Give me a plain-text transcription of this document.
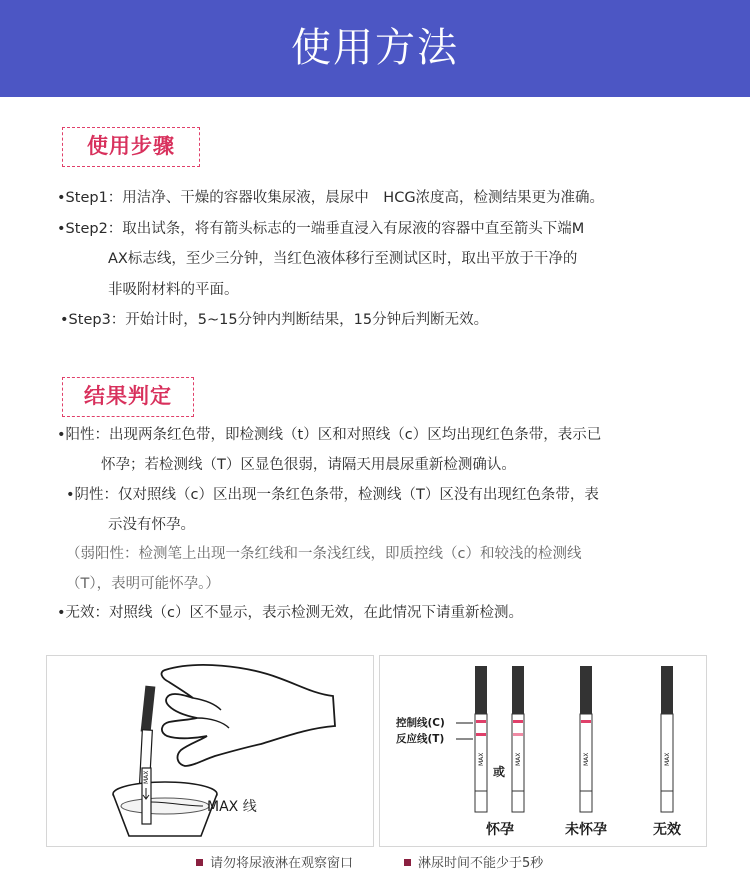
使用方法
使用步骤
•Step1：用洁净、干燥的容器收集尿液，晨尿中　HCG浓度高，检测结果更为准确。
•Step2：取出试条，将有箭头标志的一端垂直浸入有尿液的容器中直至箭头下端M
AX标志线，至少三分钟，当红色液体移行至测试区时，取出平放于干净的
非吸附材料的平面。
•Step3：开始计时，5~15分钟内判断结果，15分钟后判断无效。
结果判定
•阳性：出现两条红色带，即检测线（t）区和对照线（c）区均出现红色条带，表示已
怀孕；若检测线（T）区显色很弱，请隔天用晨尿重新检测确认。
•阴性：仅对照线（c）区出现一条红色条带，检测线（T）区没有出现红色条带，表
示没有怀孕。
（弱阳性：检测笔上出现一条红线和一条浅红线，即质控线（c）和较浅的检测线
（T），表明可能怀孕。）
•无效：对照线（c）区不显示，表示检测无效，在此情况下请重新检测。
MAX
MAX 线
控制线(C)
反应线(T)
MAX
或
MAX	MAX	MAX
怀孕	未怀孕	无效
请勿将尿液淋在观察窗口	淋尿时间不能少于5秒
